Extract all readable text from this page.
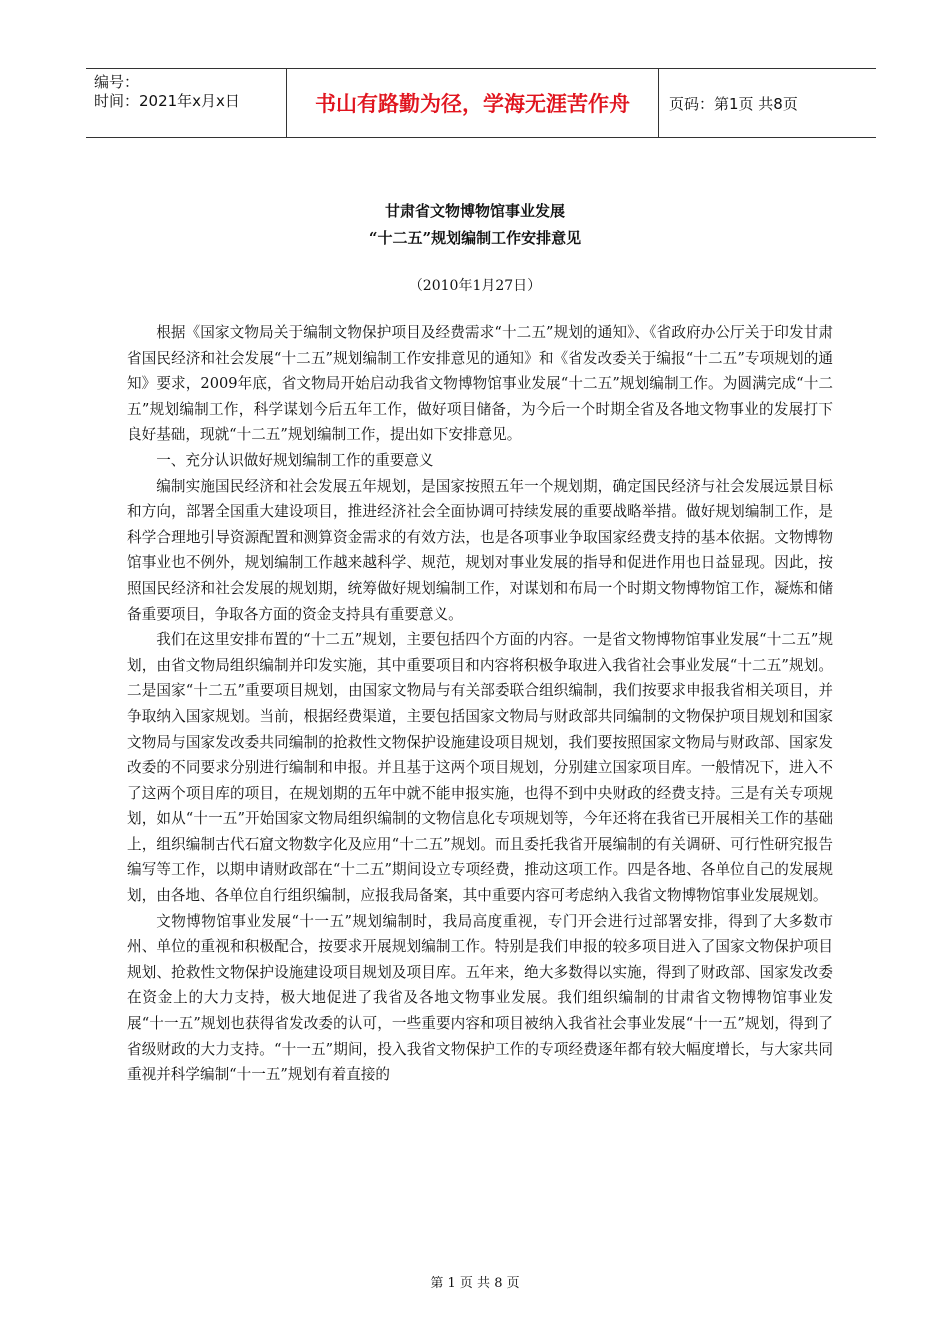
编号：
时间：2021年x月x日	书山有路勤为径，学海无涯苦作舟	页码：第1页 共8页
甘肃省文物博物馆事业发展
“十二五”规划编制工作安排意见
（2010年1月27日）

根据《国家文物局关于编制文物保护项目及经费需求“十二五”规划的通知》、《省政府办公厅关于印发甘肃省国民经济和社会发展“十二五”规划编制工作安排意见的通知》和《省发改委关于编报“十二五”专项规划的通知》要求，2009年底，省文物局开始启动我省文物博物馆事业发展“十二五”规划编制工作。为圆满完成“十二五”规划编制工作，科学谋划今后五年工作，做好项目储备，为今后一个时期全省及各地文物事业的发展打下良好基础，现就“十二五”规划编制工作，提出如下安排意见。

一、充分认识做好规划编制工作的重要意义

编制实施国民经济和社会发展五年规划，是国家按照五年一个规划期，确定国民经济与社会发展远景目标和方向，部署全国重大建设项目，推进经济社会全面协调可持续发展的重要战略举措。做好规划编制工作，是科学合理地引导资源配置和测算资金需求的有效方法，也是各项事业争取国家经费支持的基本依据。文物博物馆事业也不例外，规划编制工作越来越科学、规范，规划对事业发展的指导和促进作用也日益显现。因此，按照国民经济和社会发展的规划期，统筹做好规划编制工作，对谋划和布局一个时期文物博物馆工作，凝炼和储备重要项目，争取各方面的资金支持具有重要意义。

我们在这里安排布置的“十二五”规划，主要包括四个方面的内容。一是省文物博物馆事业发展“十二五”规划，由省文物局组织编制并印发实施，其中重要项目和内容将积极争取进入我省社会事业发展“十二五”规划。二是国家“十二五”重要项目规划，由国家文物局与有关部委联合组织编制，我们按要求申报我省相关项目，并争取纳入国家规划。当前，根据经费渠道，主要包括国家文物局与财政部共同编制的文物保护项目规划和国家文物局与国家发改委共同编制的抢救性文物保护设施建设项目规划，我们要按照国家文物局与财政部、国家发改委的不同要求分别进行编制和申报。并且基于这两个项目规划，分别建立国家项目库。一般情况下，进入不了这两个项目库的项目，在规划期的五年中就不能申报实施，也得不到中央财政的经费支持。三是有关专项规划，如从“十一五”开始国家文物局组织编制的文物信息化专项规划等，今年还将在我省已开展相关工作的基础上，组织编制古代石窟文物数字化及应用“十二五”规划。而且委托我省开展编制的有关调研、可行性研究报告编写等工作，以期申请财政部在“十二五”期间设立专项经费，推动这项工作。四是各地、各单位自己的发展规划，由各地、各单位自行组织编制，应报我局备案，其中重要内容可考虑纳入我省文物博物馆事业发展规划。

文物博物馆事业发展“十一五”规划编制时，我局高度重视，专门开会进行过部署安排，得到了大多数市州、单位的重视和积极配合，按要求开展规划编制工作。特别是我们申报的较多项目进入了国家文物保护项目规划、抢救性文物保护设施建设项目规划及项目库。五年来，绝大多数得以实施，得到了财政部、国家发改委在资金上的大力支持，极大地促进了我省及各地文物事业发展。我们组织编制的甘肃省文物博物馆事业发展“十一五”规划也获得省发改委的认可，一些重要内容和项目被纳入我省社会事业发展“十一五”规划，得到了省级财政的大力支持。“十一五”期间，投入我省文物保护工作的专项经费逐年都有较大幅度增长，与大家共同重视并科学编制“十一五”规划有着直接的

第 1 页 共 8 页
